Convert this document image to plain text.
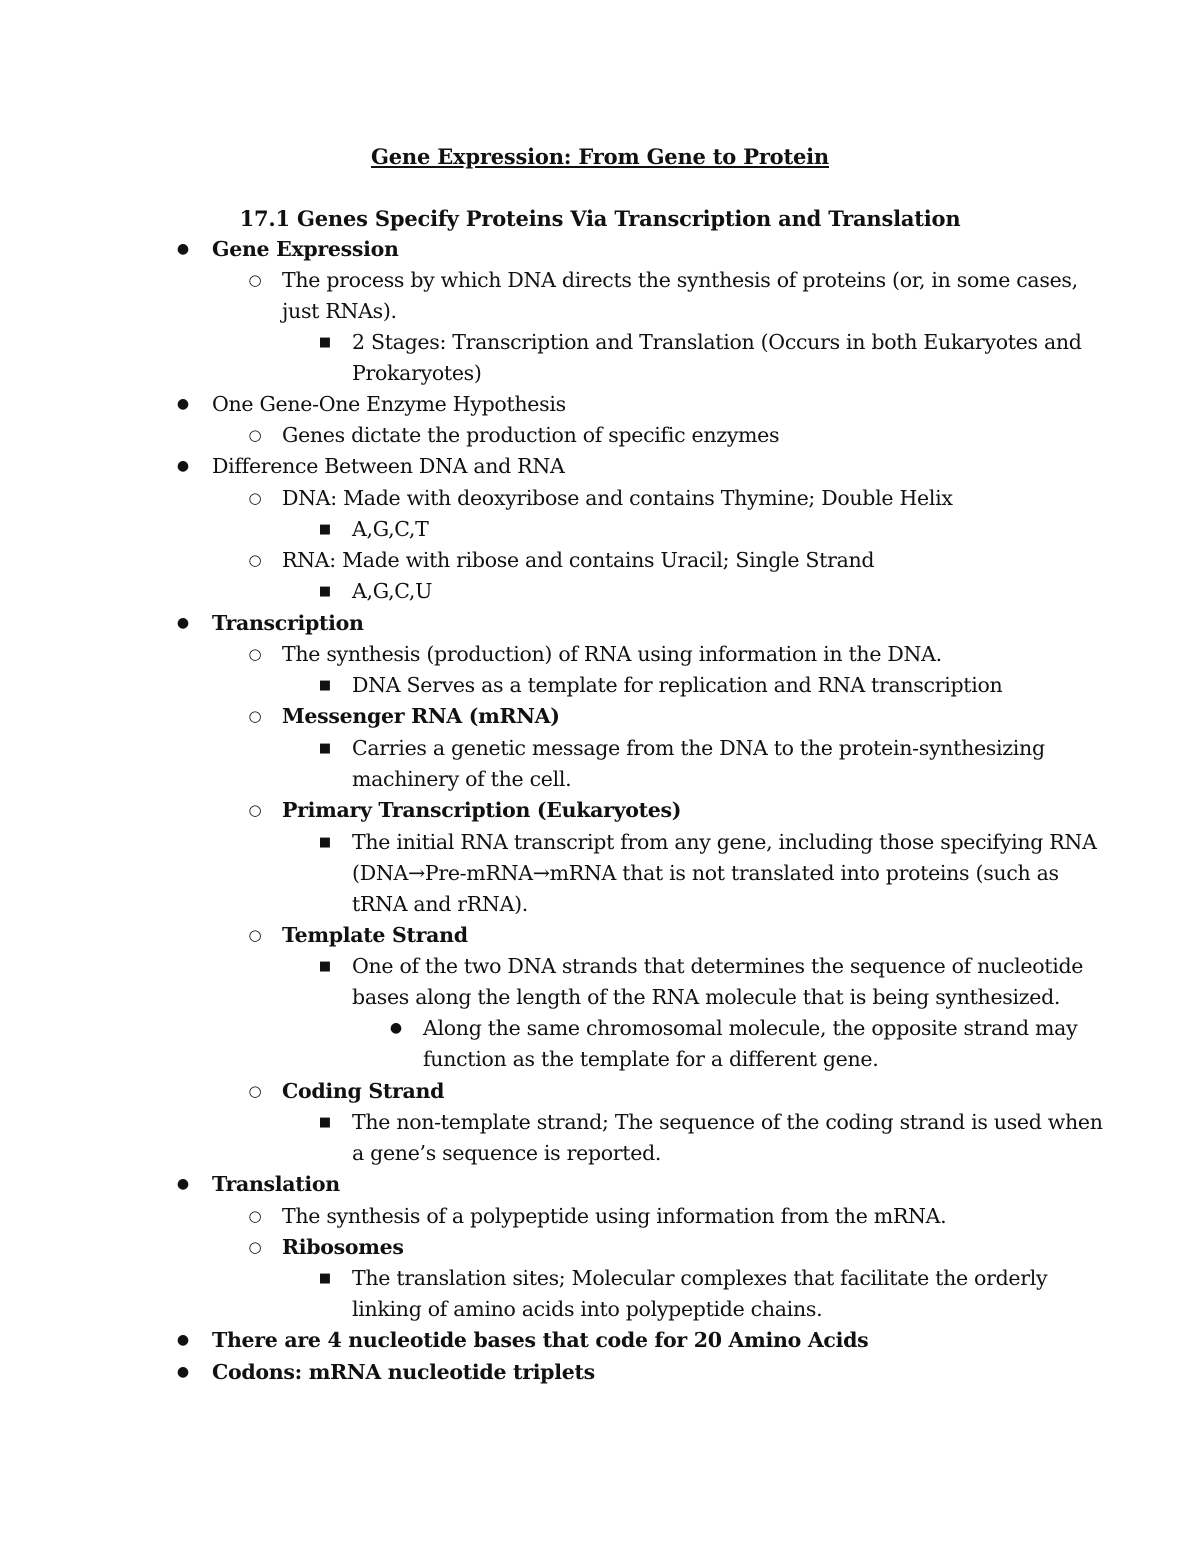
Gene Expression: From Gene to Protein
17.1 Genes Specify Proteins Via Transcription and Translation
● Gene Expression
○ The process by which DNA directs the synthesis of proteins (or, in some cases,
just RNAs).
■ 2 Stages: Transcription and Translation (Occurs in both Eukaryotes and
Prokaryotes)
● One Gene-One Enzyme Hypothesis
○ Genes dictate the production of specific enzymes
● Difference Between DNA and RNA
○ DNA: Made with deoxyribose and contains Thymine; Double Helix
■ A,G,C,T
○ RNA: Made with ribose and contains Uracil; Single Strand
■ A,G,C,U
● Transcription
○ The synthesis (production) of RNA using information in the DNA.
■ DNA Serves as a template for replication and RNA transcription
○ Messenger RNA (mRNA)
■ Carries a genetic message from the DNA to the protein-synthesizing
machinery of the cell.
○ Primary Transcription (Eukaryotes)
■ The initial RNA transcript from any gene, including those specifying RNA
(DNA→Pre-mRNA→mRNA that is not translated into proteins (such as
tRNA and rRNA).
○ Template Strand
■ One of the two DNA strands that determines the sequence of nucleotide
bases along the length of the RNA molecule that is being synthesized.
● Along the same chromosomal molecule, the opposite strand may
function as the template for a different gene.
○ Coding Strand
■ The non-template strand; The sequence of the coding strand is used when
a gene’s sequence is reported.
● Translation
○ The synthesis of a polypeptide using information from the mRNA.
○ Ribosomes
■ The translation sites; Molecular complexes that facilitate the orderly
linking of amino acids into polypeptide chains.
● There are 4 nucleotide bases that code for 20 Amino Acids
● Codons: mRNA nucleotide triplets
